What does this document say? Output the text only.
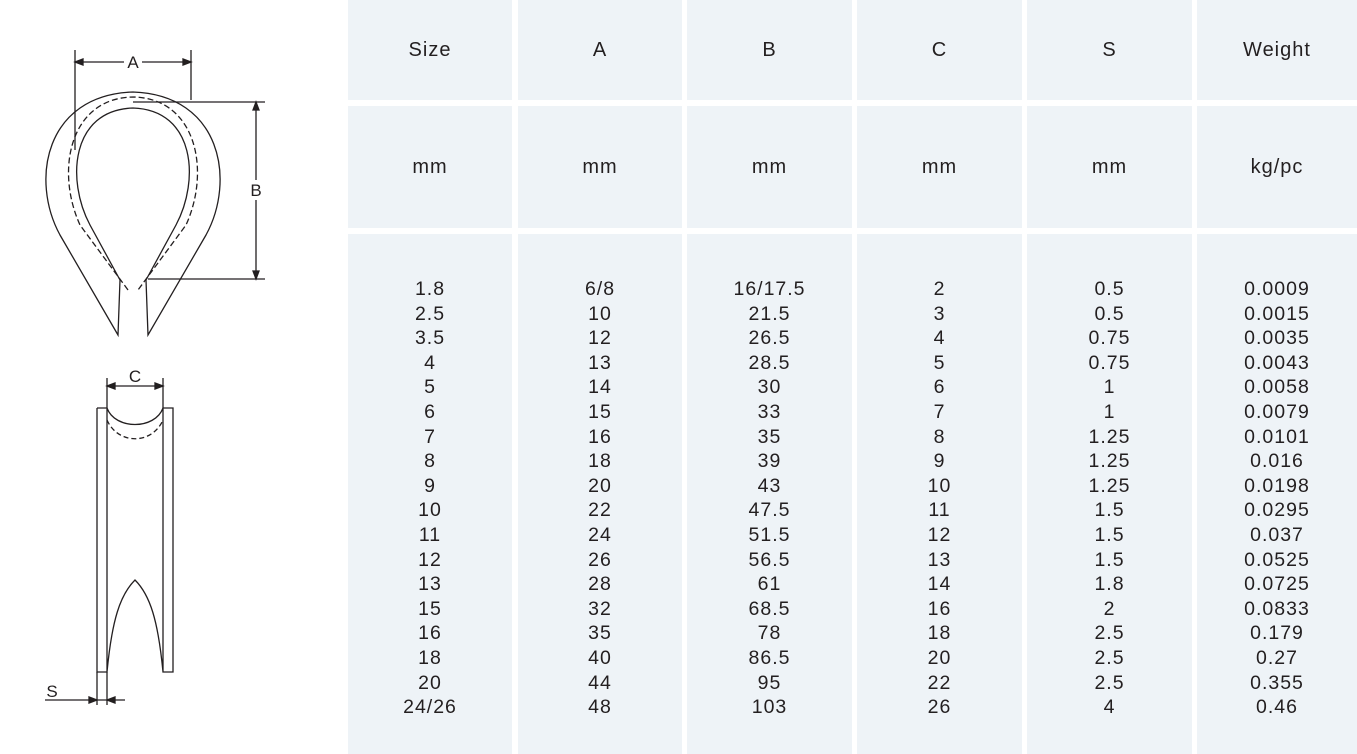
A
B
C
S
Size
mm
1.8
2.5
3.5
4
5
6
7
8
9
10
11
12
13
15
16
18
20
24/26
A
mm
6/8
10
12
13
14
15
16
18
20
22
24
26
28
32
35
40
44
48
B
mm
16/17.5
21.5
26.5
28.5
30
33
35
39
43
47.5
51.5
56.5
61
68.5
78
86.5
95
103
C
mm
2
3
4
5
6
7
8
9
10
11
12
13
14
16
18
20
22
26
S
mm
0.5
0.5
0.75
0.75
1
1
1.25
1.25
1.25
1.5
1.5
1.5
1.8
2
2.5
2.5
2.5
4
Weight
kg/pc
0.0009
0.0015
0.0035
0.0043
0.0058
0.0079
0.0101
0.016
0.0198
0.0295
0.037
0.0525
0.0725
0.0833
0.179
0.27
0.355
0.46
